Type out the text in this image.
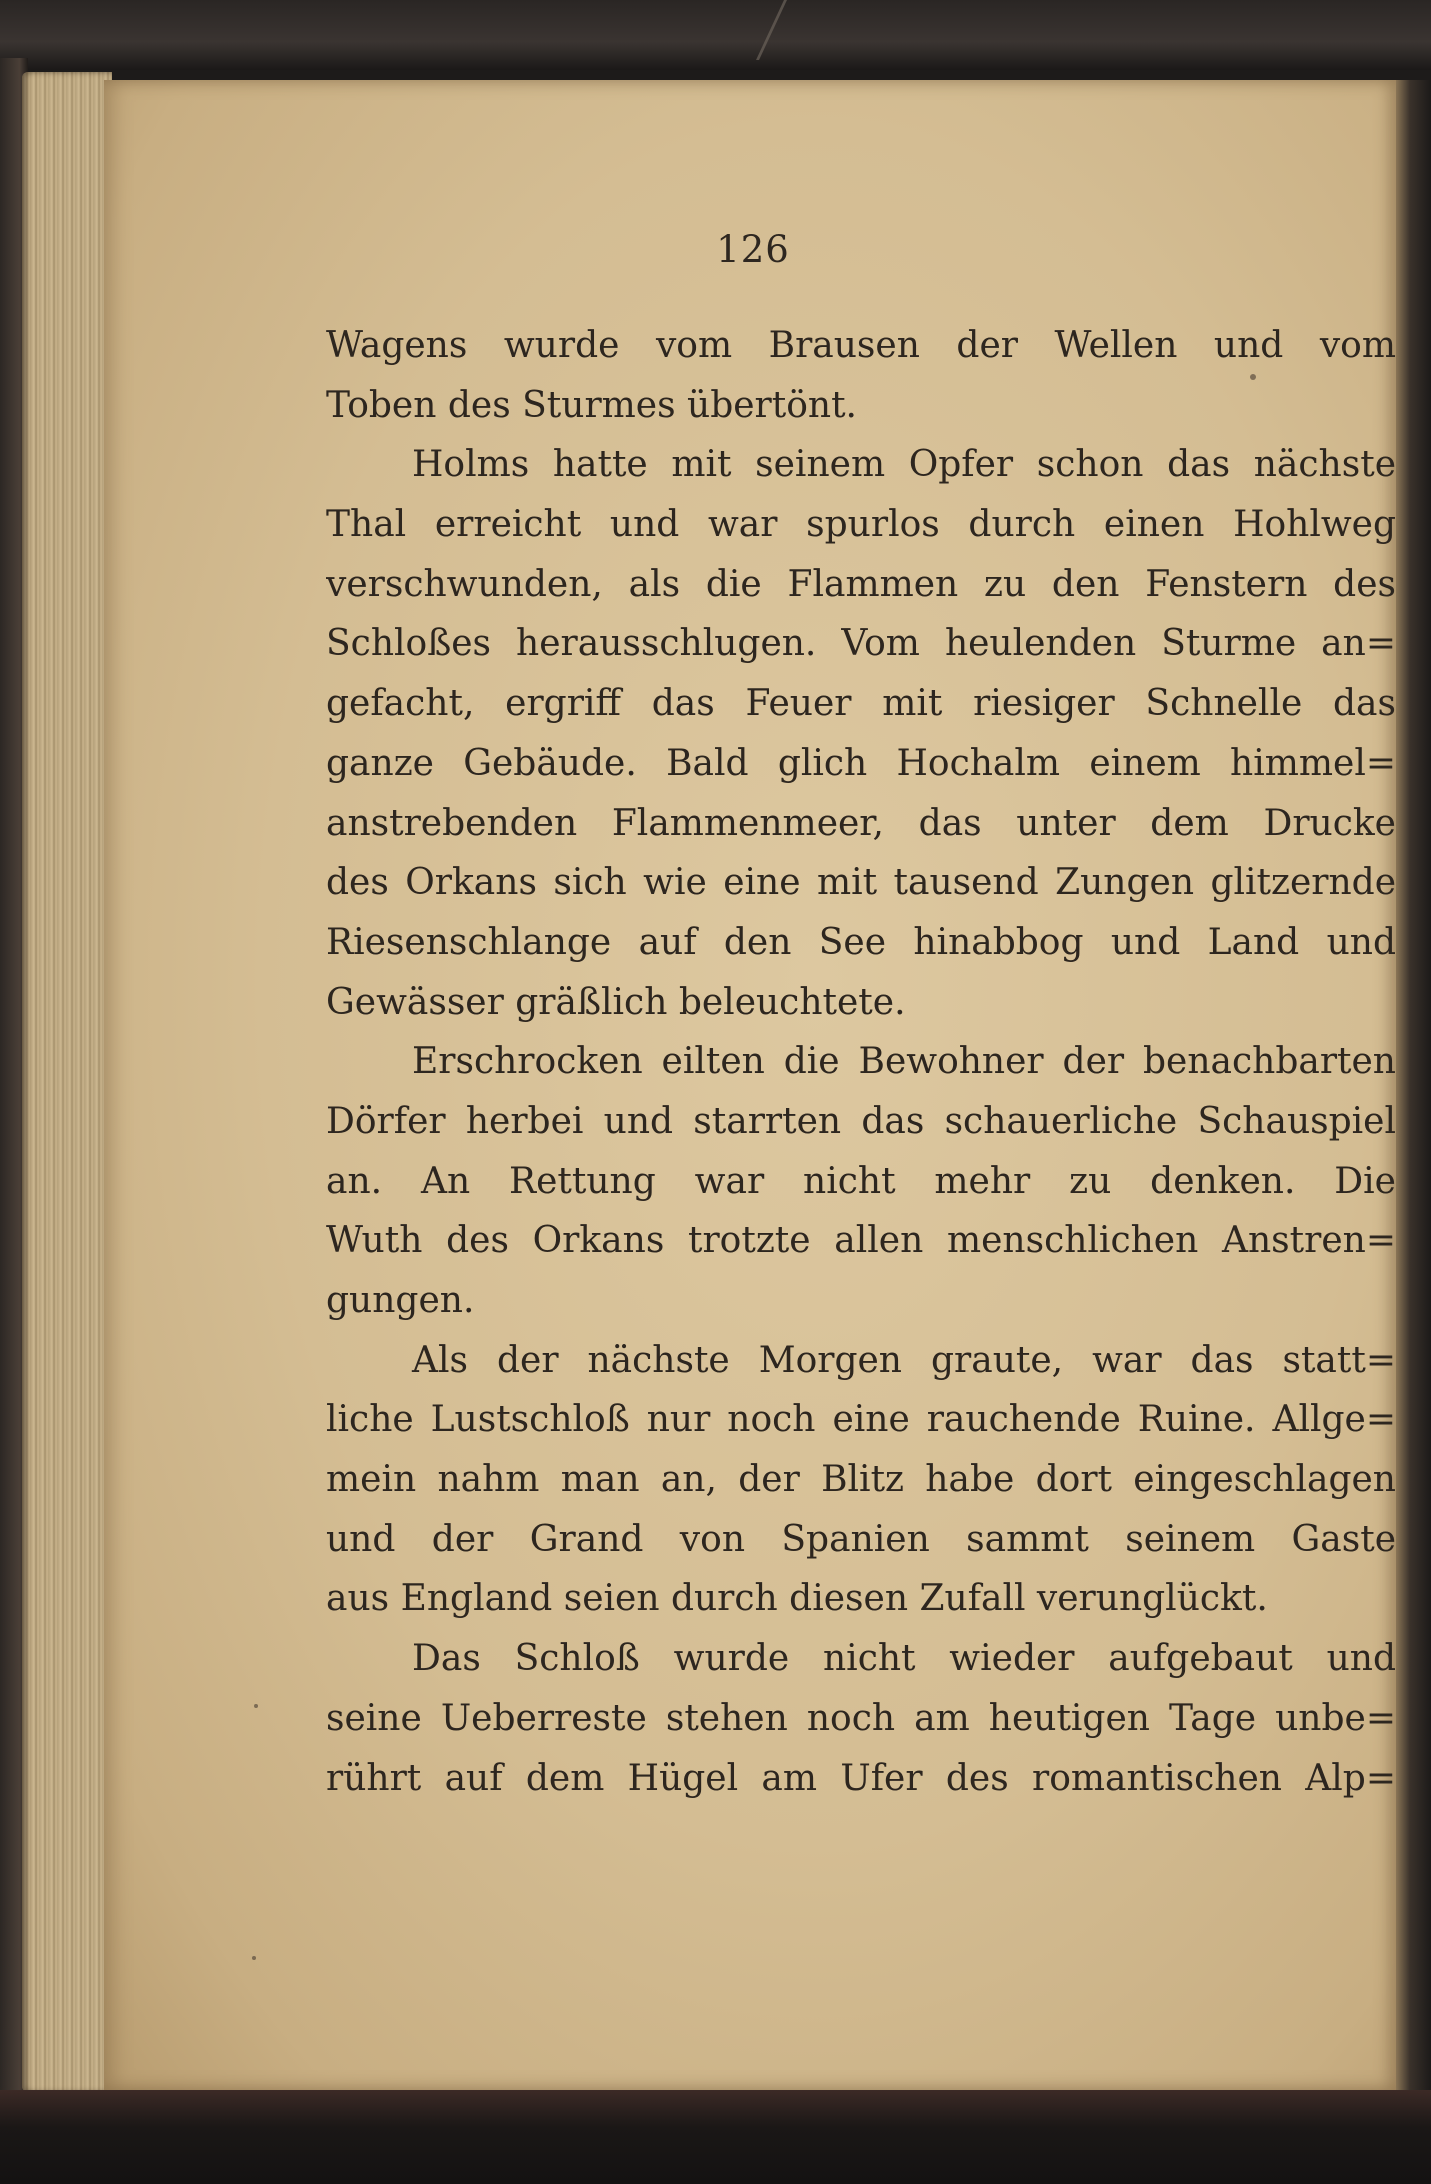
126
Wagens wurde vom Brausen der Wellen und vom
Toben des Sturmes übertönt.
Holms hatte mit seinem Opfer schon das nächste
Thal erreicht und war spurlos durch einen Hohlweg
verschwunden, als die Flammen zu den Fenstern des
Schloßes herausschlugen. Vom heulenden Sturme an=
gefacht, ergriff das Feuer mit riesiger Schnelle das
ganze Gebäude. Bald glich Hochalm einem himmel=
anstrebenden Flammenmeer, das unter dem Drucke
des Orkans sich wie eine mit tausend Zungen glitzernde
Riesenschlange auf den See hinabbog und Land und
Gewässer gräßlich beleuchtete.
Erschrocken eilten die Bewohner der benachbarten
Dörfer herbei und starrten das schauerliche Schauspiel
an. An Rettung war nicht mehr zu denken. Die
Wuth des Orkans trotzte allen menschlichen Anstren=
gungen.
Als der nächste Morgen graute, war das statt=
liche Lustschloß nur noch eine rauchende Ruine. Allge=
mein nahm man an, der Blitz habe dort eingeschlagen
und der Grand von Spanien sammt seinem Gaste
aus England seien durch diesen Zufall verunglückt.
Das Schloß wurde nicht wieder aufgebaut und
seine Ueberreste stehen noch am heutigen Tage unbe=
rührt auf dem Hügel am Ufer des romantischen Alp=
